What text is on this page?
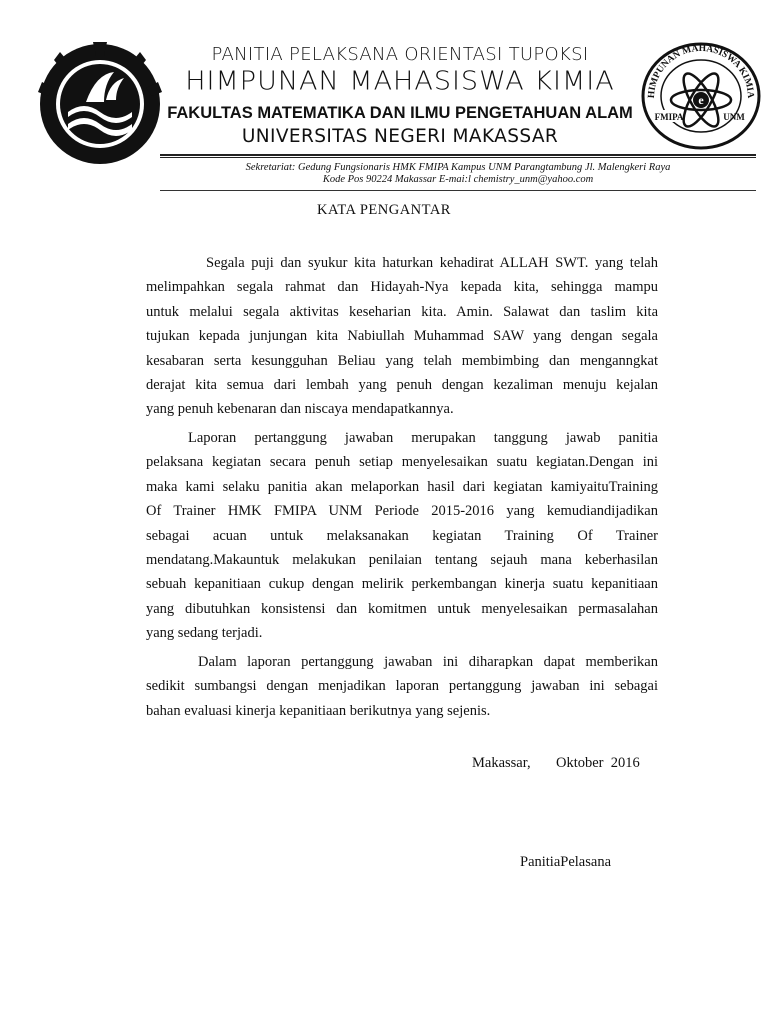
HIMPUNAN MAHASISWA KIMIA
e
FMIPA	UNM
PANITIA PELAKSANA ORIENTASI TUPOKSI
HIMPUNAN MAHASISWA KIMIA
FAKULTAS MATEMATIKA DAN ILMU PENGETAHUAN ALAM
UNIVERSITAS NEGERI MAKASSAR
Sekretariat: Gedung Fungsionaris HMK FMIPA Kampus UNM Parangtambung Jl. Malengkeri Raya
Kode Pos 90224 Makassar E-mai:l chemistry_unm@yahoo.com
KATA PENGANTAR
Segala puji dan syukur kita haturkan kehadirat ALLAH SWT. yang telah
melimpahkan segala rahmat dan Hidayah-Nya kepada kita, sehingga mampu
untuk melalui segala aktivitas keseharian kita. Amin. Salawat dan taslim kita
tujukan kepada junjungan kita Nabiullah Muhammad SAW yang dengan segala
kesabaran serta kesungguhan Beliau yang telah membimbing dan menganngkat
derajat kita semua dari lembah yang penuh dengan kezaliman menuju kejalan
yang penuh kebenaran dan niscaya mendapatkannya.
Laporan pertanggung jawaban merupakan tanggung jawab panitia
pelaksana kegiatan secara penuh setiap menyelesaikan suatu kegiatan.Dengan ini
maka kami selaku panitia akan melaporkan hasil dari kegiatan kamiyaituTraining
Of Trainer HMK FMIPA UNM Periode 2015-2016 yang kemudiandijadikan
sebagai acuan untuk melaksanakan kegiatan Training Of Trainer
mendatang.Makauntuk melakukan penilaian tentang sejauh mana keberhasilan
sebuah kepanitiaan cukup dengan melirik perkembangan kinerja suatu kepanitiaan
yang dibutuhkan konsistensi dan komitmen untuk menyelesaikan permasalahan
yang sedang terjadi.
Dalam laporan pertanggung jawaban ini diharapkan dapat memberikan
sedikit sumbangsi dengan menjadikan laporan pertanggung jawaban ini sebagai
bahan evaluasi kinerja kepanitiaan berikutnya yang sejenis.
Makassar,       Oktober  2016
PanitiaPelasana
